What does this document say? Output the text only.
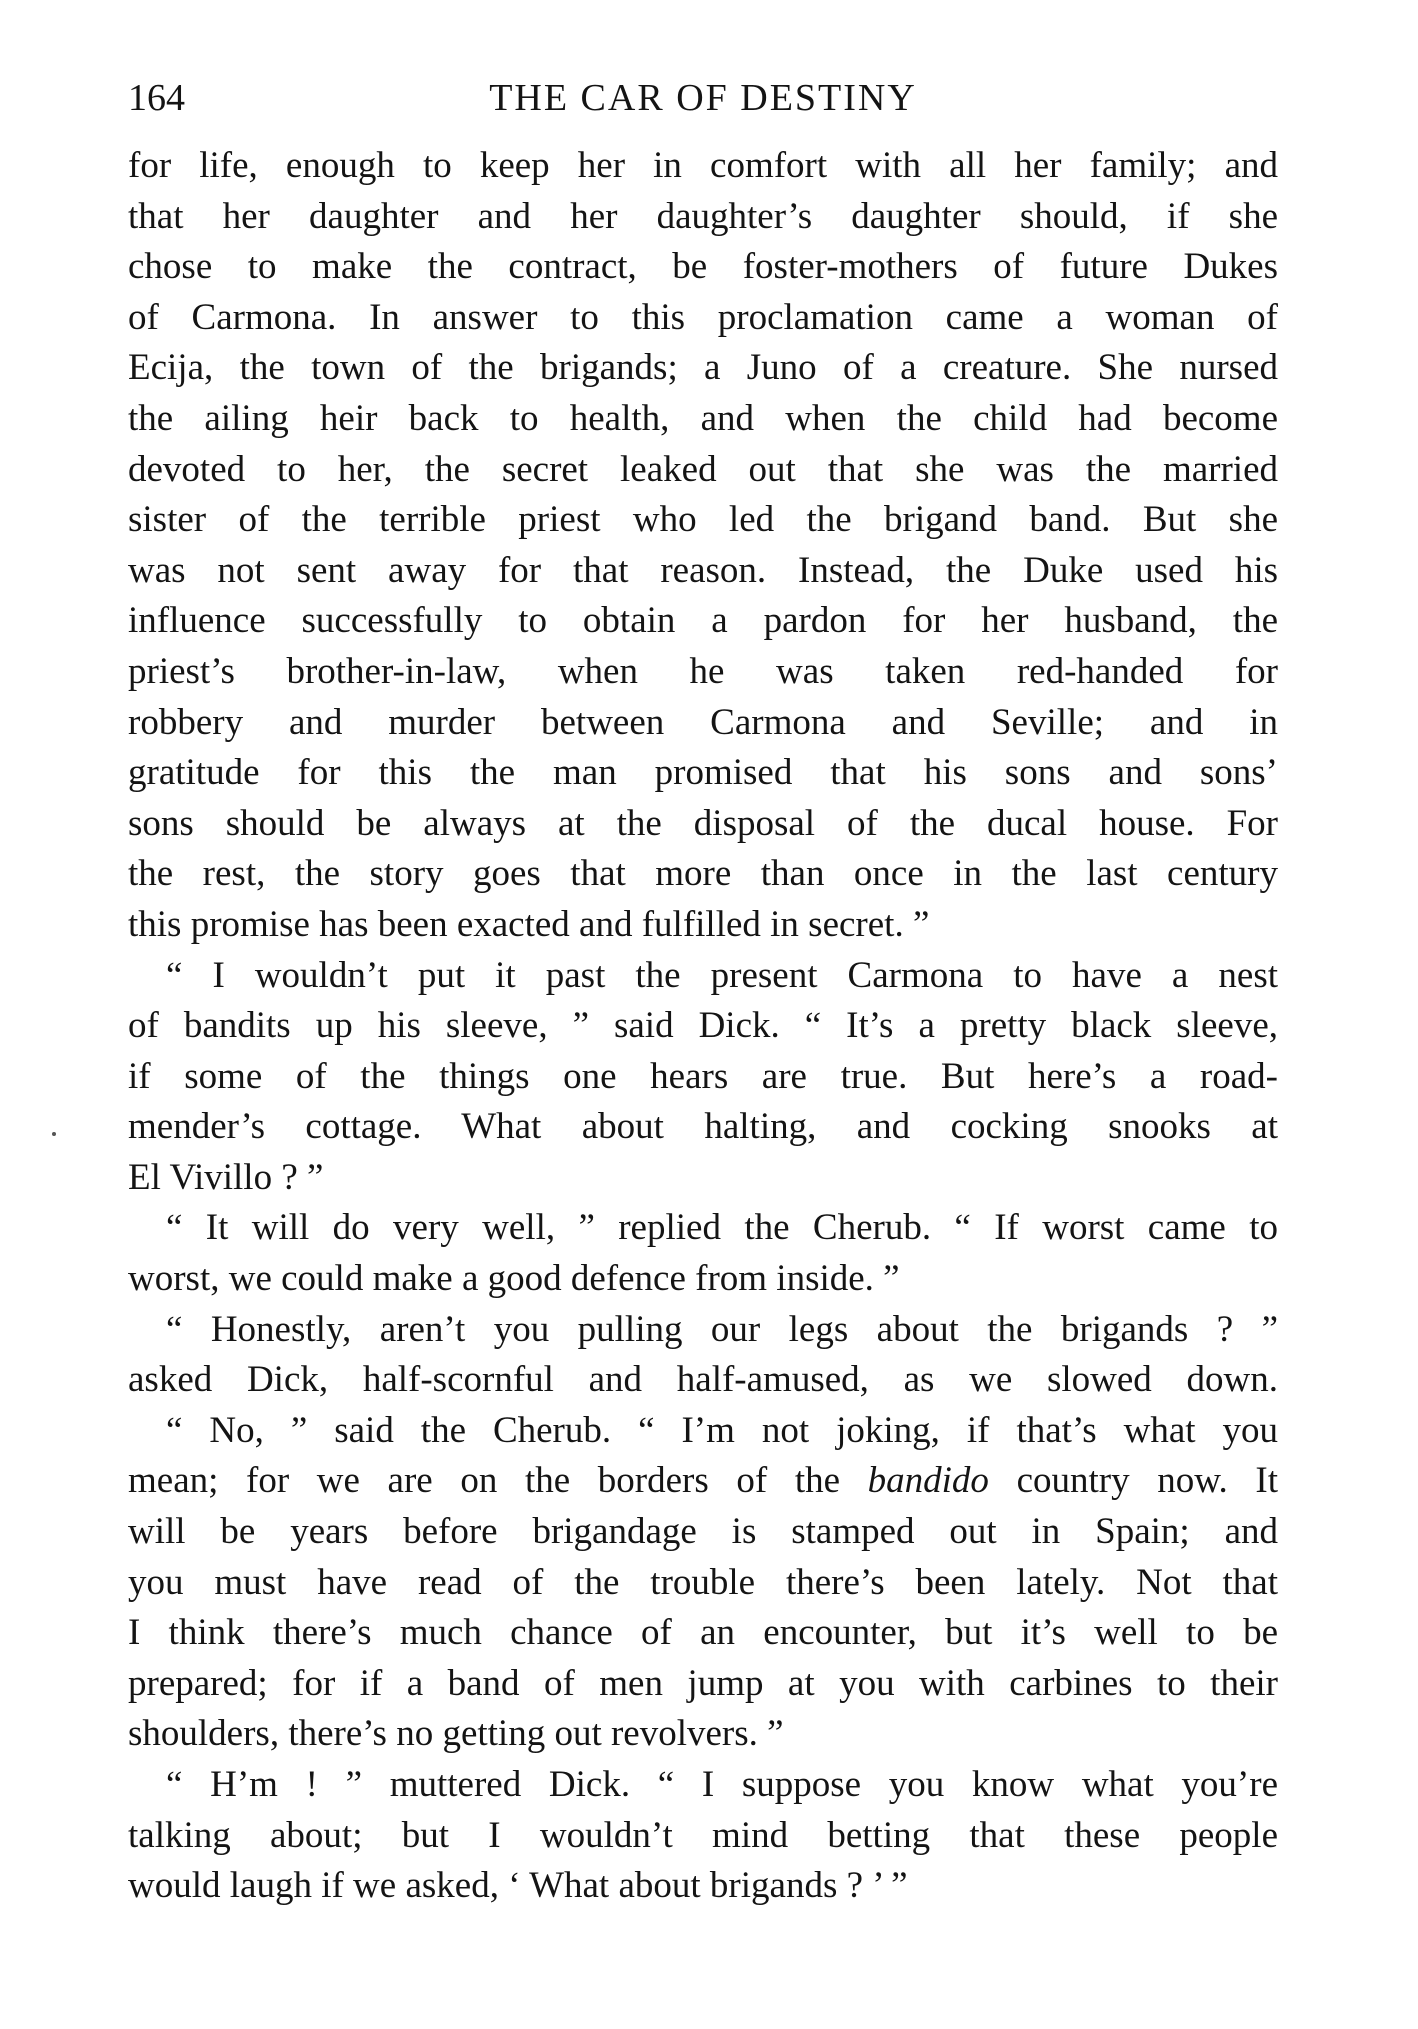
164	THE CAR OF DESTINY
for life, enough to keep her in comfort with all her family; and
that her daughter and her daughter’s daughter should, if she
chose to make the contract, be foster-mothers of future Dukes
of Carmona. In answer to this proclamation came a woman of
Ecija, the town of the brigands; a Juno of a creature. She nursed
the ailing heir back to health, and when the child had become
devoted to her, the secret leaked out that she was the married
sister of the terrible priest who led the brigand band. But she
was not sent away for that reason. Instead, the Duke used his
influence successfully to obtain a pardon for her husband, the
priest’s brother-in-law, when he was taken red-handed for
robbery and murder between Carmona and Seville; and in
gratitude for this the man promised that his sons and sons’
sons should be always at the disposal of the ducal house. For
the rest, the story goes that more than once in the last century
this promise has been exacted and fulfilled in secret. ”
“ I wouldn’t put it past the present Carmona to have a nest
of bandits up his sleeve, ” said Dick. “ It’s a pretty black sleeve,
if some of the things one hears are true. But here’s a road-
mender’s cottage. What about halting, and cocking snooks at
El Vivillo ? ”
“ It will do very well, ” replied the Cherub. “ If worst came to
worst, we could make a good defence from inside. ”
“ Honestly, aren’t you pulling our legs about the brigands ? ”
asked Dick, half-scornful and half-amused, as we slowed down.
“ No, ” said the Cherub. “ I’m not joking, if that’s what you
mean; for we are on the borders of the bandido country now. It
will be years before brigandage is stamped out in Spain; and
you must have read of the trouble there’s been lately. Not that
I think there’s much chance of an encounter, but it’s well to be
prepared; for if a band of men jump at you with carbines to their
shoulders, there’s no getting out revolvers. ”
“ H’m ! ” muttered Dick. “ I suppose you know what you’re
talking about; but I wouldn’t mind betting that these people
would laugh if we asked, ‘ What about brigands ? ’ ”
